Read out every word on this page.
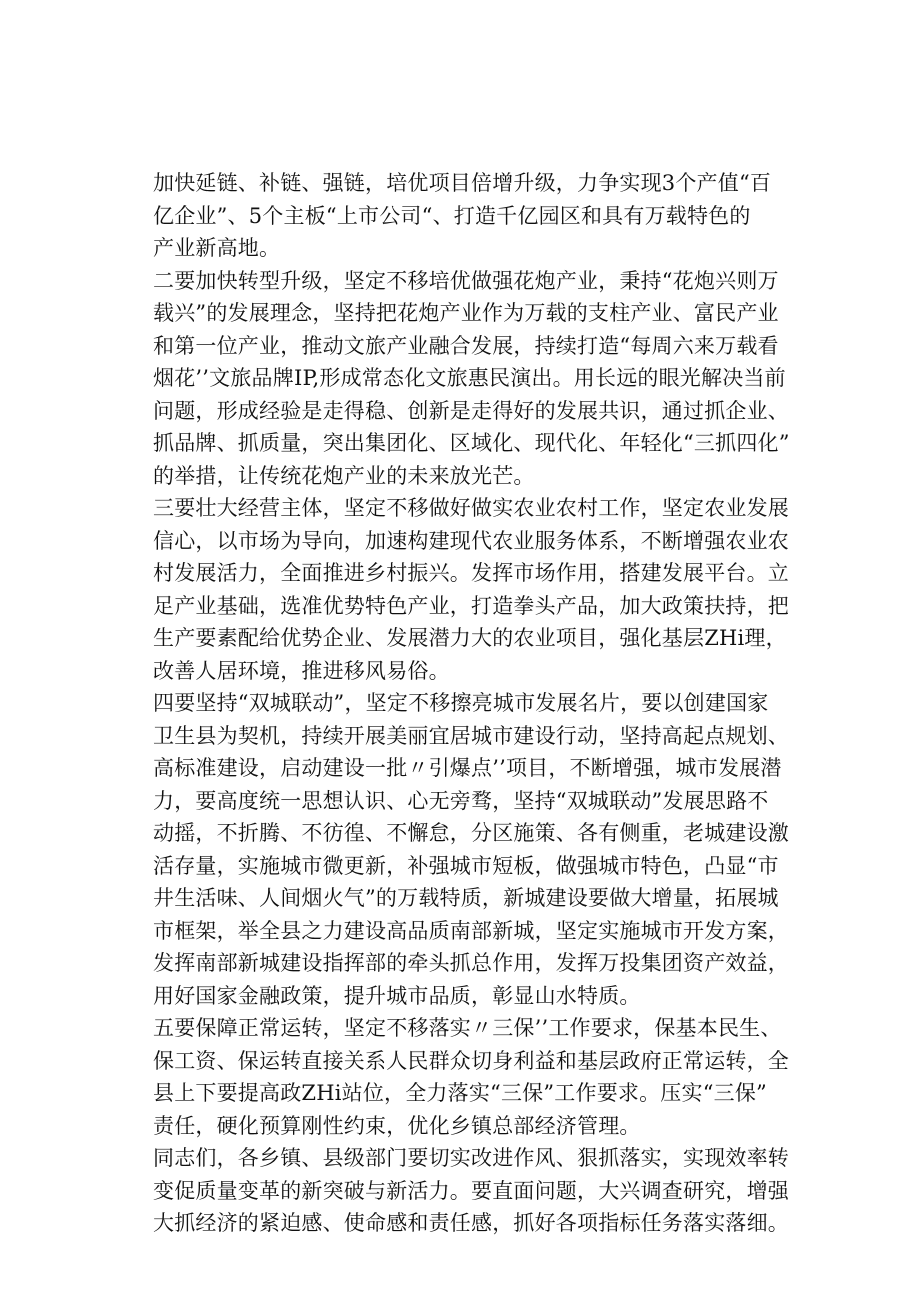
加快延链、补链、强链，培优项目倍增升级，力争实现3个产值“百
亿企业”、5个主板“上市公司“、打造千亿园区和具有万载特色的
产业新高地。
二要加快转型升级，坚定不移培优做强花炮产业，秉持“花炮兴则万
载兴”的发展理念，坚持把花炮产业作为万载的支柱产业、富民产业
和第一位产业，推动文旅产业融合发展，持续打造“每周六来万载看
烟花’’文旅品牌IP,形成常态化文旅惠民演出。用长远的眼光解决当前
问题，形成经验是走得稳、创新是走得好的发展共识，通过抓企业、
抓品牌、抓质量，突出集团化、区域化、现代化、年轻化“三抓四化”
的举措，让传统花炮产业的未来放光芒。
三要壮大经营主体，坚定不移做好做实农业农村工作，坚定农业发展
信心，以市场为导向，加速构建现代农业服务体系，不断增强农业农
村发展活力，全面推进乡村振兴。发挥市场作用，搭建发展平台。立
足产业基础，选准优势特色产业，打造拳头产品，加大政策扶持，把
生产要素配给优势企业、发展潜力大的农业项目，强化基层ZHi理，
改善人居环境，推进移风易俗。
四要坚持“双城联动”，坚定不移擦亮城市发展名片，要以创建国家
卫生县为契机，持续开展美丽宜居城市建设行动，坚持高起点规划、
高标准建设，启动建设一批〃引爆点’’项目，不断增强，城市发展潜
力，要高度统一思想认识、心无旁骛，坚持“双城联动”发展思路不
动摇，不折腾、不彷徨、不懈怠，分区施策、各有侧重，老城建设激
活存量，实施城市微更新，补强城市短板，做强城市特色，凸显“市
井生活味、人间烟火气”的万载特质，新城建设要做大增量，拓展城
市框架，举全县之力建设高品质南部新城，坚定实施城市开发方案，
发挥南部新城建设指挥部的牵头抓总作用，发挥万投集团资产效益，
用好国家金融政策，提升城市品质，彰显山水特质。
五要保障正常运转，坚定不移落实〃三保’’工作要求，保基本民生、
保工资、保运转直接关系人民群众切身利益和基层政府正常运转，全
县上下要提高政ZHi站位，全力落实“三保”工作要求。压实“三保”
责任，硬化预算刚性约束，优化乡镇总部经济管理。
同志们，各乡镇、县级部门要切实改进作风、狠抓落实，实现效率转
变促质量变革的新突破与新活力。要直面问题，大兴调查研究，增强
大抓经济的紧迫感、使命感和责任感，抓好各项指标任务落实落细。
